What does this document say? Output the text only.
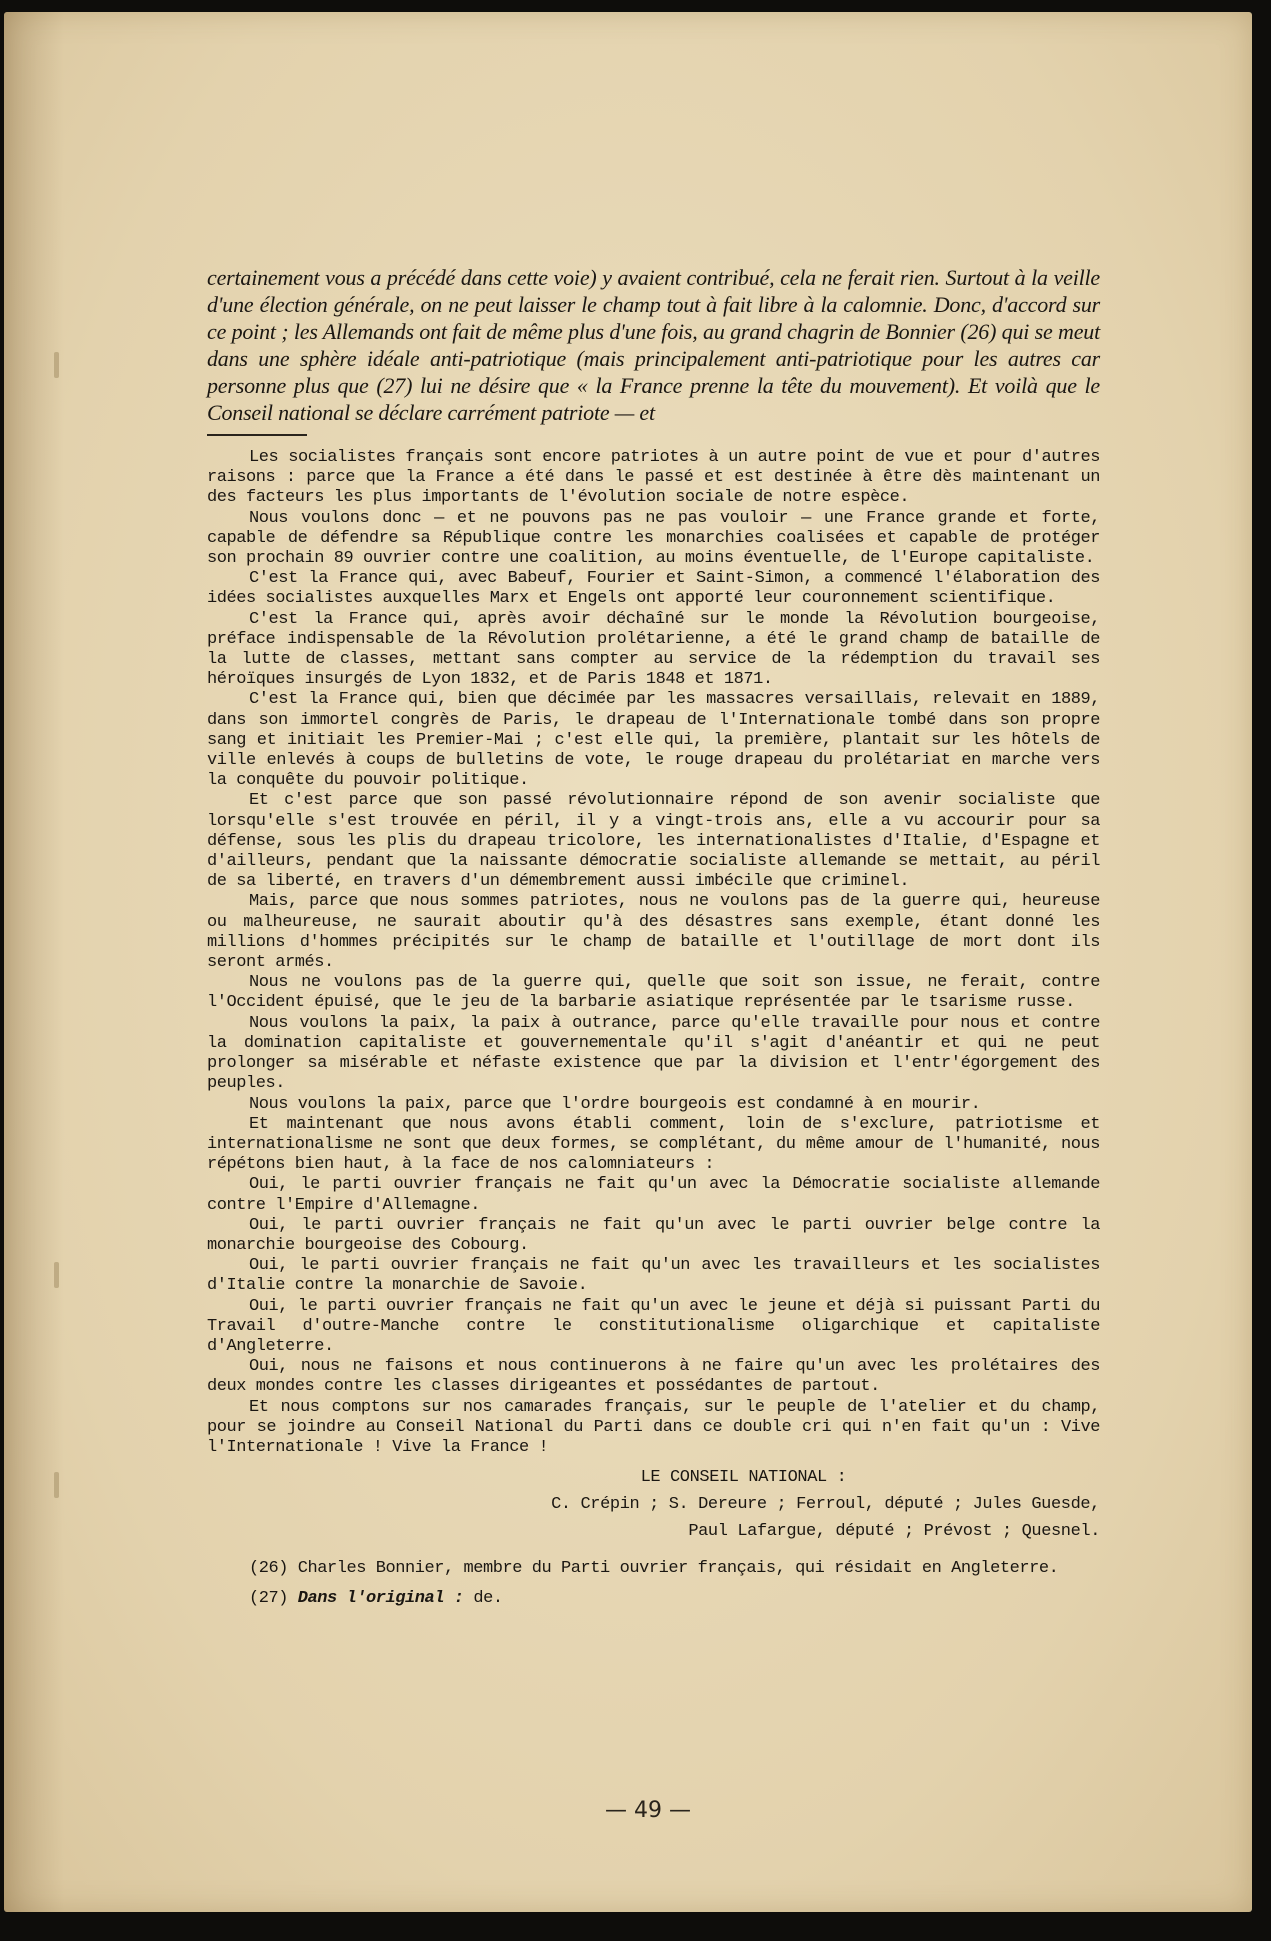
certainement vous a précédé dans cette voie) y avaient contribué, cela ne ferait rien. Surtout à la veille d'une élection générale, on ne peut laisser le champ tout à fait libre à la calomnie. Donc, d'accord sur ce point ; les Allemands ont fait de même plus d'une fois, au grand chagrin de Bonnier (26) qui se meut dans une sphère idéale anti-patriotique (mais principalement anti-patriotique pour les autres car personne plus que (27) lui ne désire que « la France prenne la tête du mouvement). Et voilà que le Conseil national se déclare carrément patriote — et

Les socialistes français sont encore patriotes à un autre point de vue et pour d'autres raisons : parce que la France a été dans le passé et est destinée à être dès maintenant un des facteurs les plus importants de l'évolution sociale de notre espèce.

Nous voulons donc — et ne pouvons pas ne pas vouloir — une France grande et forte, capable de défendre sa République contre les monarchies coalisées et capable de protéger son prochain 89 ouvrier contre une coalition, au moins éventuelle, de l'Europe capitaliste.

C'est la France qui, avec Babeuf, Fourier et Saint-Simon, a commencé l'élaboration des idées socialistes auxquelles Marx et Engels ont apporté leur couronnement scientifique.

C'est la France qui, après avoir déchaîné sur le monde la Révolution bourgeoise, préface indispensable de la Révolution prolétarienne, a été le grand champ de bataille de la lutte de classes, mettant sans compter au service de la rédemption du travail ses héroïques insurgés de Lyon 1832, et de Paris 1848 et 1871.

C'est la France qui, bien que décimée par les massacres versaillais, relevait en 1889, dans son immortel congrès de Paris, le drapeau de l'Internationale tombé dans son propre sang et initiait les Premier-Mai ; c'est elle qui, la première, plantait sur les hôtels de ville enlevés à coups de bulletins de vote, le rouge drapeau du prolétariat en marche vers la conquête du pouvoir politique.

Et c'est parce que son passé révolutionnaire répond de son avenir socialiste que lorsqu'elle s'est trouvée en péril, il y a vingt-trois ans, elle a vu accourir pour sa défense, sous les plis du drapeau tricolore, les internationalistes d'Italie, d'Espagne et d'ailleurs, pendant que la naissante démocratie socialiste allemande se mettait, au péril de sa liberté, en travers d'un démembrement aussi imbécile que criminel.

Mais, parce que nous sommes patriotes, nous ne voulons pas de la guerre qui, heureuse ou malheureuse, ne saurait aboutir qu'à des désastres sans exemple, étant donné les millions d'hommes précipités sur le champ de bataille et l'outillage de mort dont ils seront armés.

Nous ne voulons pas de la guerre qui, quelle que soit son issue, ne ferait, contre l'Occident épuisé, que le jeu de la barbarie asiatique représentée par le tsarisme russe.

Nous voulons la paix, la paix à outrance, parce qu'elle travaille pour nous et contre la domination capitaliste et gouvernementale qu'il s'agit d'anéantir et qui ne peut prolonger sa misérable et néfaste existence que par la division et l'entr'égorgement des peuples.

Nous voulons la paix, parce que l'ordre bourgeois est condamné à en mourir.

Et maintenant que nous avons établi comment, loin de s'exclure, patriotisme et internationalisme ne sont que deux formes, se complétant, du même amour de l'humanité, nous répétons bien haut, à la face de nos calomniateurs :

Oui, le parti ouvrier français ne fait qu'un avec la Démocratie socialiste allemande contre l'Empire d'Allemagne.

Oui, le parti ouvrier français ne fait qu'un avec le parti ouvrier belge contre la monarchie bourgeoise des Cobourg.

Oui, le parti ouvrier français ne fait qu'un avec les travailleurs et les socialistes d'Italie contre la monarchie de Savoie.

Oui, le parti ouvrier français ne fait qu'un avec le jeune et déjà si puissant Parti du Travail d'outre-Manche contre le constitutionalisme oligarchique et capitaliste d'Angleterre.

Oui, nous ne faisons et nous continuerons à ne faire qu'un avec les prolétaires des deux mondes contre les classes dirigeantes et possédantes de partout.

Et nous comptons sur nos camarades français, sur le peuple de l'atelier et du champ, pour se joindre au Conseil National du Parti dans ce double cri qui n'en fait qu'un : Vive l'Internationale ! Vive la France !

LE CONSEIL NATIONAL :
C. Crépin ; S. Dereure ; Ferroul, député ; Jules Guesde,
Paul Lafargue, député ; Prévost ; Quesnel.

(26) Charles Bonnier, membre du Parti ouvrier français, qui résidait en Angleterre.

(27) Dans l'original : de.

— 49 —
